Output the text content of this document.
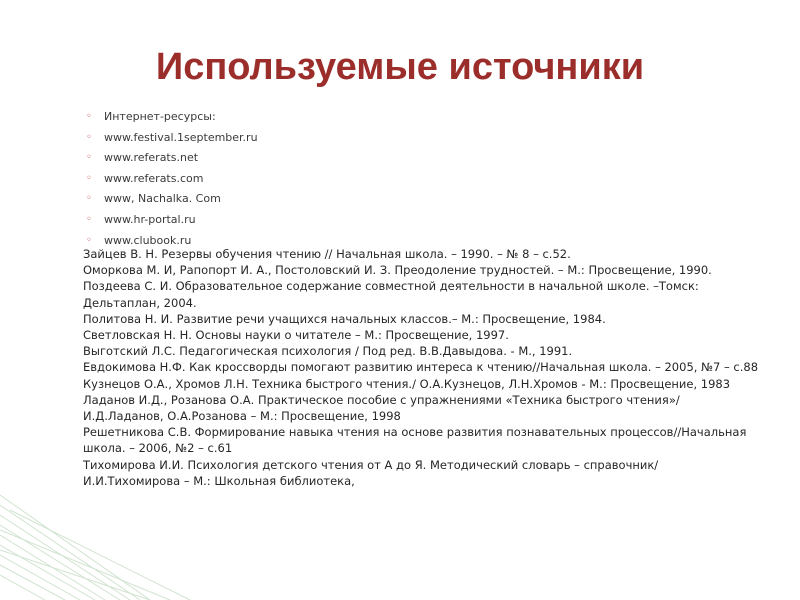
Используемые источники
◦ Интернет-ресурсы:
◦ www.festival.1september.ru
◦ www.referats.net
◦ www.referats.com
◦ www, Nachalka. Com
◦ www.hr-portal.ru
◦ www.clubook.ru
Зайцев В. Н. Резервы обучения чтению // Начальная школа. – 1990. – № 8 – с.52.
Оморкова М. И, Рапопорт И. А., Постоловский И. З. Преодоление трудностей. – М.: Просвещение, 1990.
Поздеева С. И. Образовательное содержание совместной деятельности в начальной школе. –Томск:
Дельтаплан, 2004.
Политова Н. И. Развитие речи учащихся начальных классов.– М.: Просвещение, 1984.
Светловская Н. Н. Основы науки о читателе – М.: Просвещение, 1997.
Выготский Л.С. Педагогическая психология / Под ред. В.В.Давыдова. - М., 1991.
Евдокимова Н.Ф. Как кроссворды помогают развитию интереса к чтению//Начальная школа. – 2005, №7 – с.88
Кузнецов О.А., Хромов Л.Н. Техника быстрого чтения./ О.А.Кузнецов, Л.Н.Хромов - М.: Просвещение, 1983
Ладанов И.Д., Розанова О.А. Практическое пособие с упражнениями «Техника быстрого чтения»/
И.Д.Ладанов, О.А.Розанова – М.: Просвещение, 1998
Решетникова С.В. Формирование навыка чтения на основе развития познавательных процессов//Начальная
школа. – 2006, №2 – с.61
Тихомирова И.И. Психология детского чтения от А до Я. Методический словарь – справочник/
И.И.Тихомирова – М.: Школьная библиотека,
